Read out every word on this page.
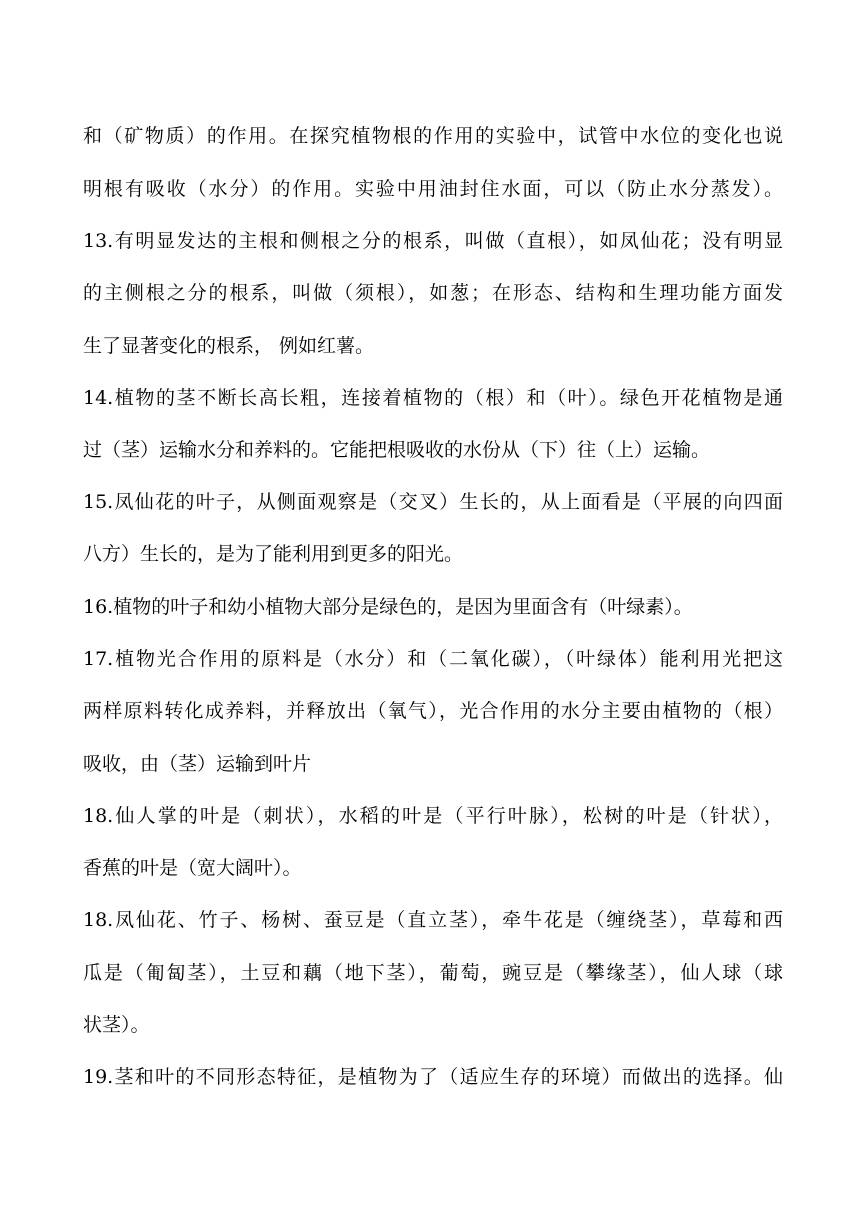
和（矿物质）的作用。在探究植物根的作用的实验中，试管中水位的变化也说
明根有吸收（水分）的作用。实验中用油封住水面，可以（防止水分蒸发）。
13.有明显发达的主根和侧根之分的根系，叫做（直根），如凤仙花；没有明显
的主侧根之分的根系，叫做（须根），如葱；在形态、结构和生理功能方面发
生了显著变化的根系， 例如红薯。
14.植物的茎不断长高长粗，连接着植物的（根）和（叶）。绿色开花植物是通
过（茎）运输水分和养料的。它能把根吸收的水份从（下）往（上）运输。
15.凤仙花的叶子，从侧面观察是（交叉）生长的，从上面看是（平展的向四面
八方）生长的，是为了能利用到更多的阳光。
16.植物的叶子和幼小植物大部分是绿色的，是因为里面含有（叶绿素）。
17.植物光合作用的原料是（水分）和（二氧化碳），（叶绿体）能利用光把这
两样原料转化成养料，并释放出（氧气），光合作用的水分主要由植物的（根）
吸收，由（茎）运输到叶片
18.仙人掌的叶是（刺状），水稻的叶是（平行叶脉），松树的叶是（针状），
香蕉的叶是（宽大阔叶）。
18.凤仙花、竹子、杨树、蚕豆是（直立茎），牵牛花是（缠绕茎），草莓和西
瓜是（匍匐茎），土豆和藕（地下茎），葡萄，豌豆是（攀缘茎），仙人球（球
状茎）。
19.茎和叶的不同形态特征，是植物为了（适应生存的环境）而做出的选择。仙
